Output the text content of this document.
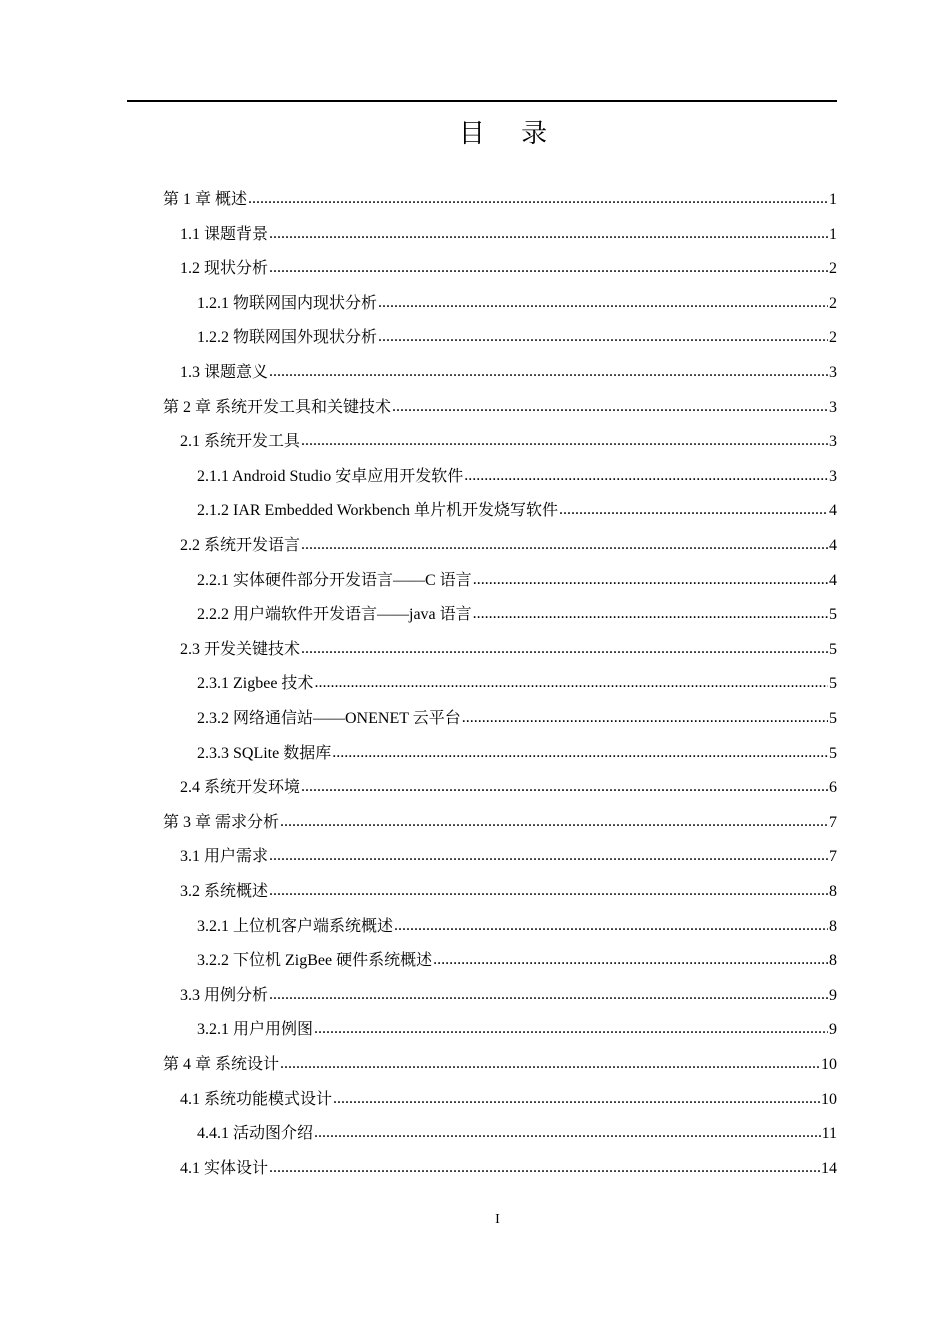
目 录
第 1 章 概述 .....	1
1.1 课题背景 .....	1
1.2 现状分析 .....	2
1.2.1 物联网国内现状分析 .....	2
1.2.2 物联网国外现状分析 .....	2
1.3 课题意义 .....	3
第 2 章 系统开发工具和关键技术 .....	3
2.1 系统开发工具 .....	3
2.1.1 Android Studio 安卓应用开发软件 .....	3
2.1.2 IAR Embedded Workbench 单片机开发烧写软件 .....	4
2.2 系统开发语言 .....	4
2.2.1 实体硬件部分开发语言——C 语言 .....	4
2.2.2 用户端软件开发语言——java 语言 .....	5
2.3 开发关键技术 .....	5
2.3.1 Zigbee 技术 .....	5
2.3.2 网络通信站——ONENET 云平台 .....	5
2.3.3 SQLite 数据库 .....	5
2.4 系统开发环境 .....	6
第 3 章 需求分析 .....	7
3.1 用户需求 .....	7
3.2 系统概述 .....	8
3.2.1 上位机客户端系统概述 .....	8
3.2.2 下位机 ZigBee 硬件系统概述 .....	8
3.3 用例分析 .....	9
3.2.1 用户用例图 .....	9
第 4 章 系统设计 .....	10
4.1 系统功能模式设计 .....	10
4.4.1 活动图介绍 .....	11
4.1 实体设计 .....	14
I
